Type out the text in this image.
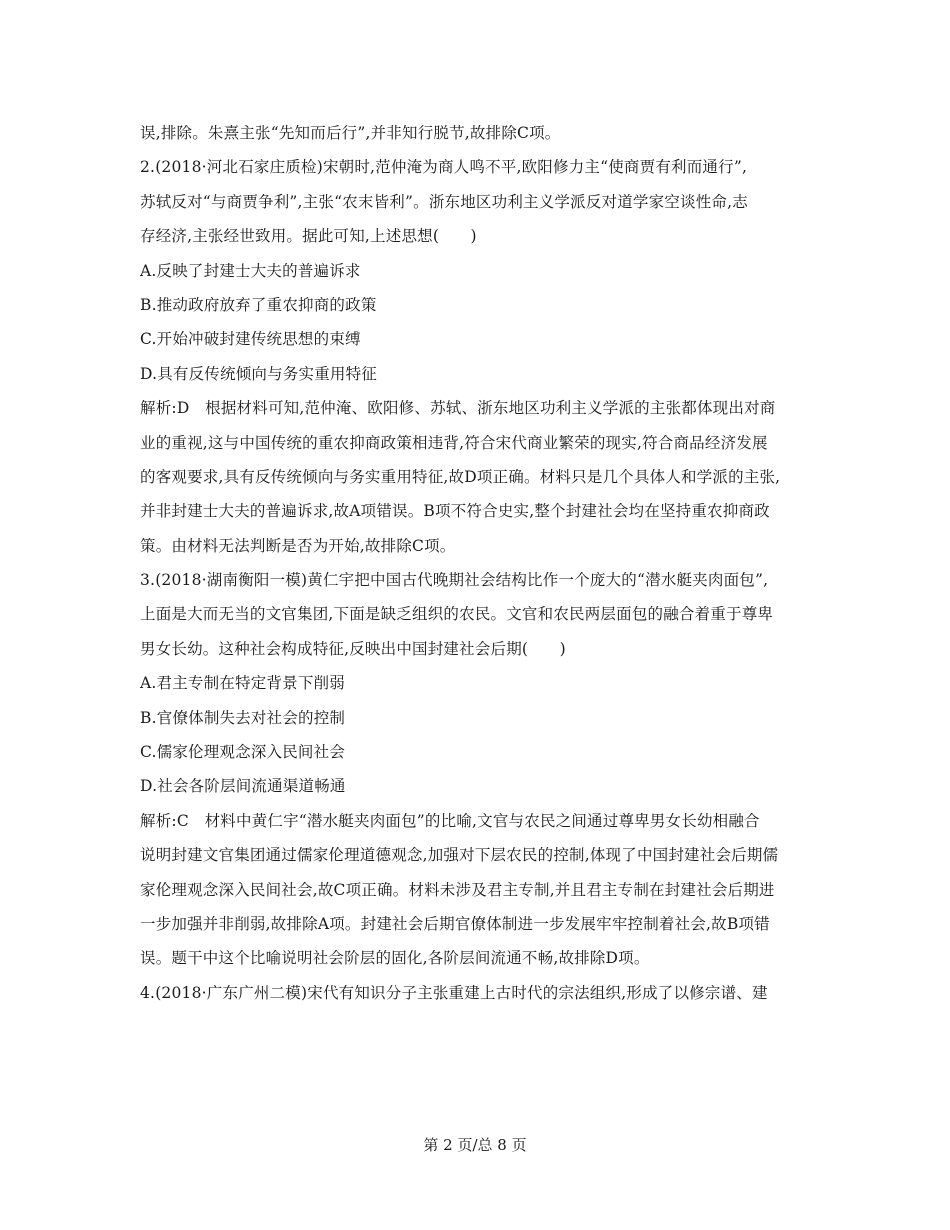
误,排除。朱熹主张“先知而后行”,并非知行脱节,故排除C项。
2.(2018·河北石家庄质检)宋朝时,范仲淹为商人鸣不平,欧阳修力主“使商贾有利而通行”,
苏轼反对“与商贾争利”,主张“农末皆利”。浙东地区功利主义学派反对道学家空谈性命,志
存经济,主张经世致用。据此可知,上述思想(　　)
A.反映了封建士大夫的普遍诉求
B.推动政府放弃了重农抑商的政策
C.开始冲破封建传统思想的束缚
D.具有反传统倾向与务实重用特征
解析:D　根据材料可知,范仲淹、欧阳修、苏轼、浙东地区功利主义学派的主张都体现出对商
业的重视,这与中国传统的重农抑商政策相违背,符合宋代商业繁荣的现实,符合商品经济发展
的客观要求,具有反传统倾向与务实重用特征,故D项正确。材料只是几个具体人和学派的主张,
并非封建士大夫的普遍诉求,故A项错误。B项不符合史实,整个封建社会均在坚持重农抑商政
策。由材料无法判断是否为开始,故排除C项。
3.(2018·湖南衡阳一模)黄仁宇把中国古代晚期社会结构比作一个庞大的“潜水艇夹肉面包”,
上面是大而无当的文官集团,下面是缺乏组织的农民。文官和农民两层面包的融合着重于尊卑
男女长幼。这种社会构成特征,反映出中国封建社会后期(　　)
A.君主专制在特定背景下削弱
B.官僚体制失去对社会的控制
C.儒家伦理观念深入民间社会
D.社会各阶层间流通渠道畅通
解析:C　材料中黄仁宇“潜水艇夹肉面包”的比喻,文官与农民之间通过尊卑男女长幼相融合
说明封建文官集团通过儒家伦理道德观念,加强对下层农民的控制,体现了中国封建社会后期儒
家伦理观念深入民间社会,故C项正确。材料未涉及君主专制,并且君主专制在封建社会后期进
一步加强并非削弱,故排除A项。封建社会后期官僚体制进一步发展牢牢控制着社会,故B项错
误。题干中这个比喻说明社会阶层的固化,各阶层间流通不畅,故排除D项。
4.(2018·广东广州二模)宋代有知识分子主张重建上古时代的宗法组织,形成了以修宗谱、建
第 2 页/总 8 页
